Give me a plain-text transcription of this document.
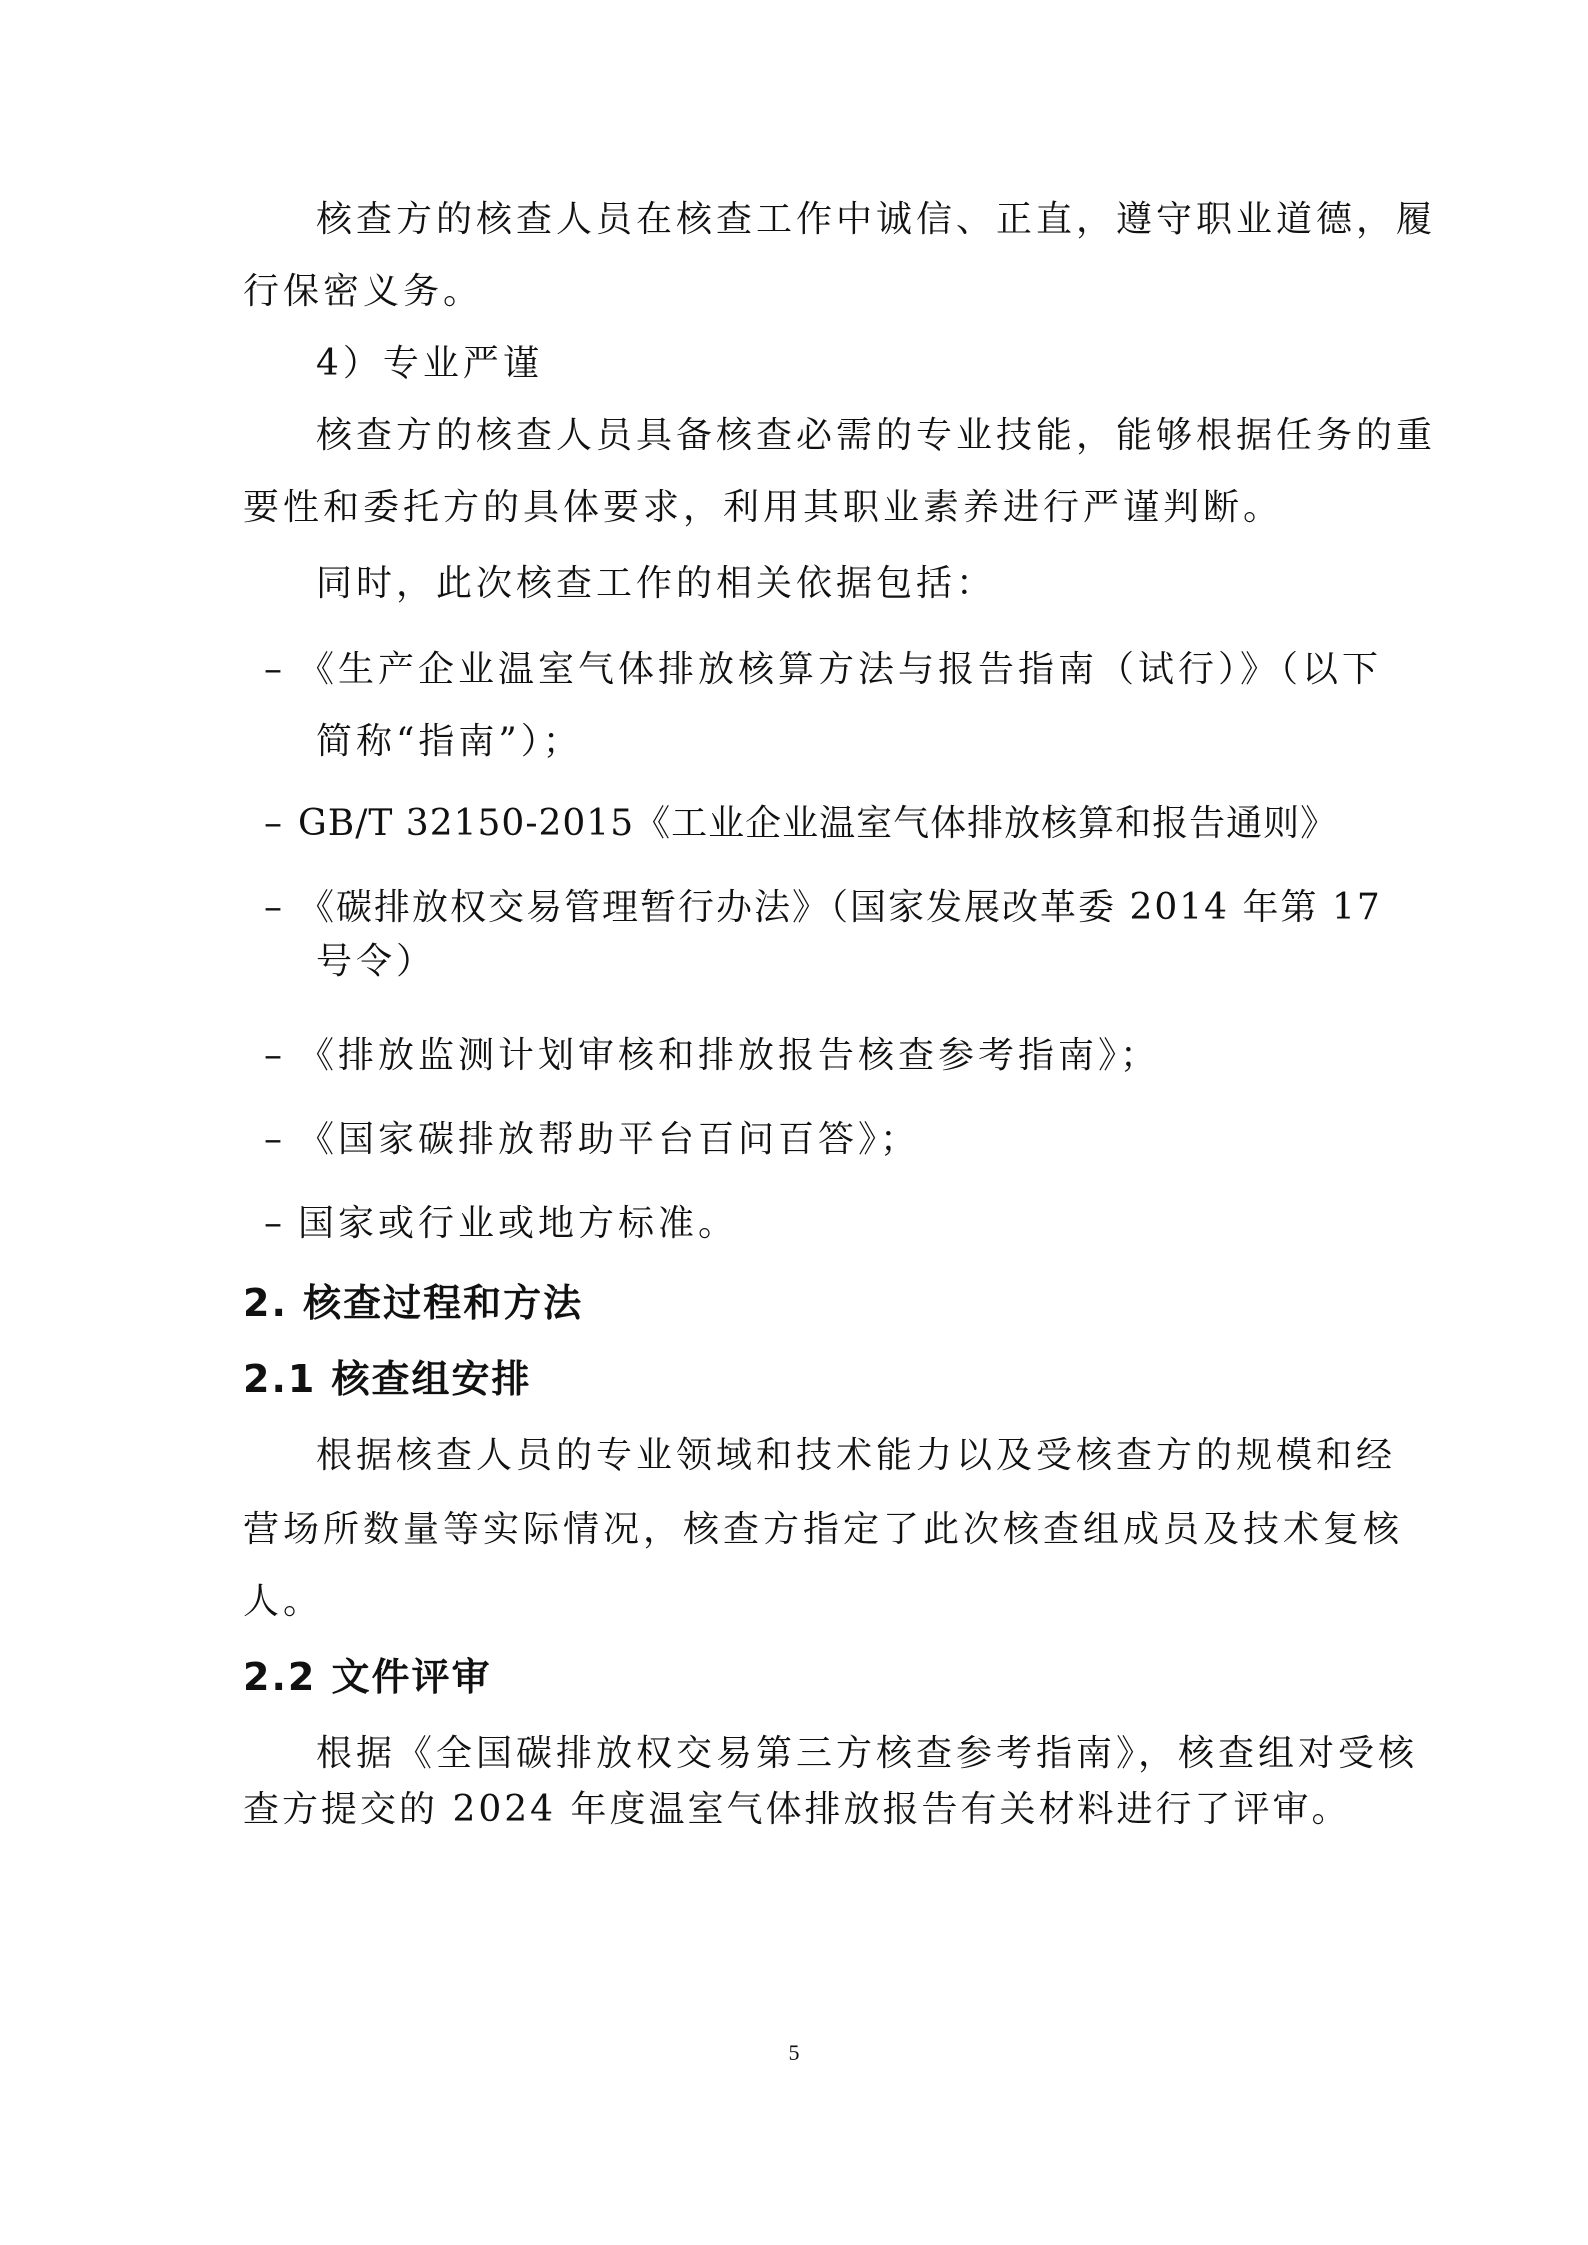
核查方的核查人员在核查工作中诚信、正直，遵守职业道德，履
行保密义务。
4）专业严谨
核查方的核查人员具备核查必需的专业技能，能够根据任务的重
要性和委托方的具体要求，利用其职业素养进行严谨判断。
同时，此次核查工作的相关依据包括：
– 《生产企业温室气体排放核算方法与报告指南（试行）》（以下
简称“指南”）；
– GB/T 32150-2015《工业企业温室气体排放核算和报告通则》
– 《碳排放权交易管理暂行办法》（国家发展改革委 2014 年第 17
号令）
– 《排放监测计划审核和排放报告核查参考指南》；
– 《国家碳排放帮助平台百问百答》；
– 国家或行业或地方标准。
2. 核查过程和方法
2.1 核查组安排
根据核查人员的专业领域和技术能力以及受核查方的规模和经
营场所数量等实际情况，核查方指定了此次核查组成员及技术复核
人。
2.2 文件评审
根据《全国碳排放权交易第三方核查参考指南》，核查组对受核
查方提交的 2024 年度温室气体排放报告有关材料进行了评审。
5
